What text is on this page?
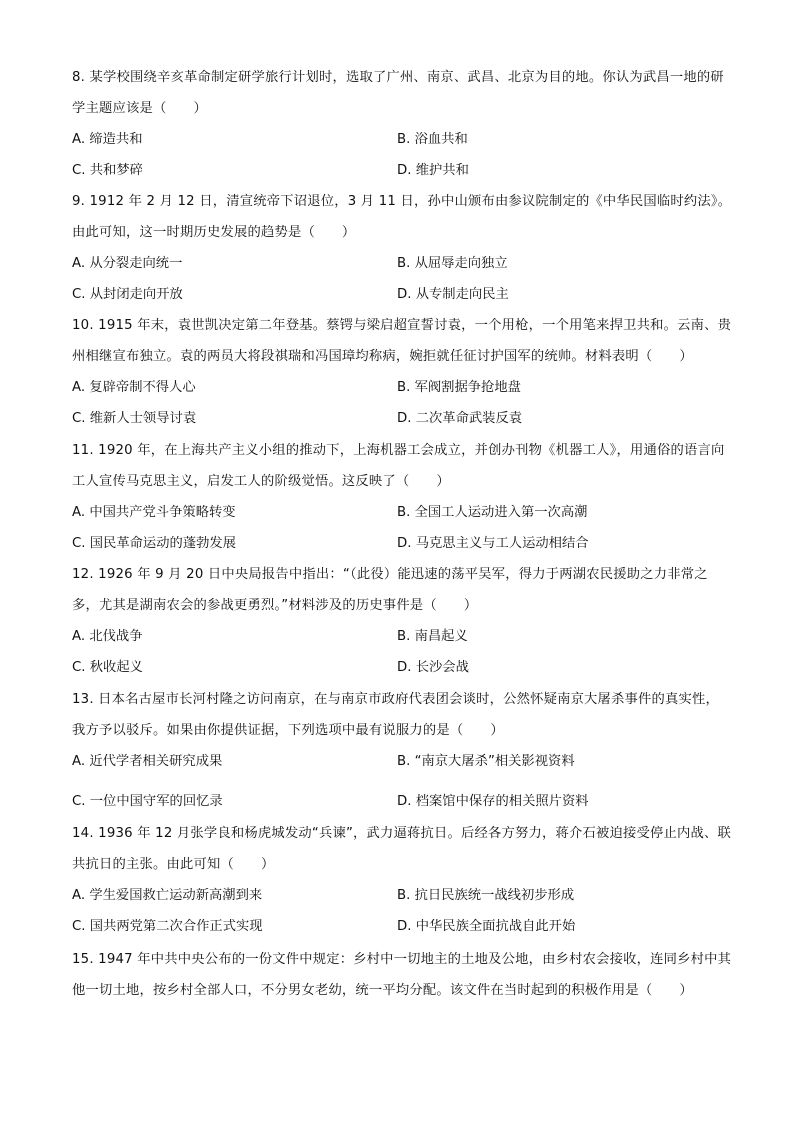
8. 某学校围绕辛亥革命制定研学旅行计划时，选取了广州、南京、武昌、北京为目的地。你认为武昌一地的研学主题应该是（　　）
A. 缔造共和	B. 浴血共和
C. 共和梦碎	D. 维护共和
9. 1912 年 2 月 12 日，清宣统帝下诏退位，3 月 11 日，孙中山颁布由参议院制定的《中华民国临时约法》。由此可知，这一时期历史发展的趋势是（　　）
A. 从分裂走向统一	B. 从屈辱走向独立
C. 从封闭走向开放	D. 从专制走向民主
10. 1915 年末，袁世凯决定第二年登基。蔡锷与梁启超宣誓讨袁，一个用枪，一个用笔来捍卫共和。云南、贵州相继宣布独立。袁的两员大将段祺瑞和冯国璋均称病，婉拒就任征讨护国军的统帅。材料表明（　　）
A. 复辟帝制不得人心	B. 军阀割据争抢地盘
C. 维新人士领导讨袁	D. 二次革命武装反袁
11. 1920 年，在上海共产主义小组的推动下，上海机器工会成立，并创办刊物《机器工人》，用通俗的语言向工人宣传马克思主义，启发工人的阶级觉悟。这反映了（　　）
A. 中国共产党斗争策略转变	B. 全国工人运动进入第一次高潮
C. 国民革命运动的蓬勃发展	D. 马克思主义与工人运动相结合
12. 1926 年 9 月 20 日中央局报告中指出：“（此役）能迅速的荡平吴军，得力于两湖农民援助之力非常之多，尤其是湖南农会的参战更勇烈。”材料涉及的历史事件是（　　）
A. 北伐战争	B. 南昌起义
C. 秋收起义	D. 长沙会战
13. 日本名古屋市长河村隆之访问南京，在与南京市政府代表团会谈时，公然怀疑南京大屠杀事件的真实性，我方予以驳斥。如果由你提供证据，下列选项中最有说服力的是（　　）
A. 近代学者相关研究成果	B. “南京大屠杀”相关影视资料
C. 一位中国守军的回忆录	D. 档案馆中保存的相关照片资料
14. 1936 年 12 月张学良和杨虎城发动“兵谏”，武力逼蒋抗日。后经各方努力，蒋介石被迫接受停止内战、联共抗日的主张。由此可知（　　）
A. 学生爱国救亡运动新高潮到来	B. 抗日民族统一战线初步形成
C. 国共两党第二次合作正式实现	D. 中华民族全面抗战自此开始
15. 1947 年中共中央公布的一份文件中规定：乡村中一切地主的土地及公地，由乡村农会接收，连同乡村中其他一切土地，按乡村全部人口，不分男女老幼，统一平均分配。该文件在当时起到的积极作用是（　　）
